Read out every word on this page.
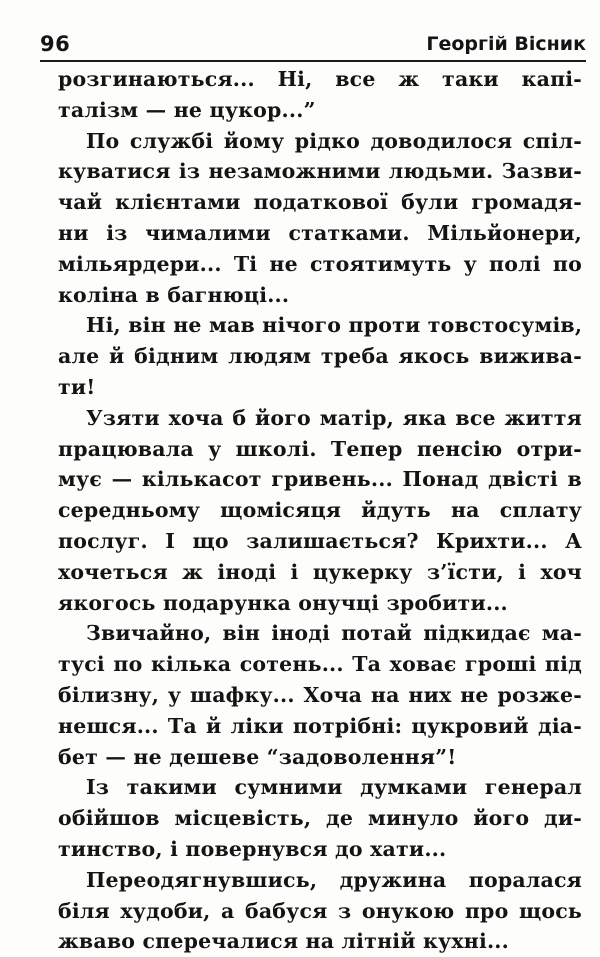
96	Георгій Вісник
розгинаються... Ні, все ж таки капі-
талізм — не цукор...”
По службі йому рідко доводилося спіл-
куватися із незаможними людьми. Зазви-
чай клієнтами податкової були громадя-
ни із чималими статками. Мільйонери,
мільярдери... Ті не стоятимуть у полі по
коліна в багнюці...
Ні, він не мав нічого проти товстосумів,
але й бідним людям треба якось вижива-
ти!
Узяти хоча б його матір, яка все життя
працювала у школі. Тепер пенсію отри-
мує — кількасот гривень... Понад двісті в
середньому щомісяця йдуть на сплату
послуг. І що залишається? Крихти... А
хочеться ж іноді і цукерку з’їсти, і хоч
якогось подарунка онучці зробити...
Звичайно, він іноді потай підкидає ма-
тусі по кілька сотень... Та ховає гроші під
білизну, у шафку... Хоча на них не розже-
нешся... Та й ліки потрібні: цукровий діа-
бет — не дешеве “задоволення”!
Із такими сумними думками генерал
обійшов місцевість, де минуло його ди-
тинство, і повернувся до хати...
Переодягнувшись, дружина поралася
біля худоби, а бабуся з онукою про щось
жваво сперечалися на літній кухні...
